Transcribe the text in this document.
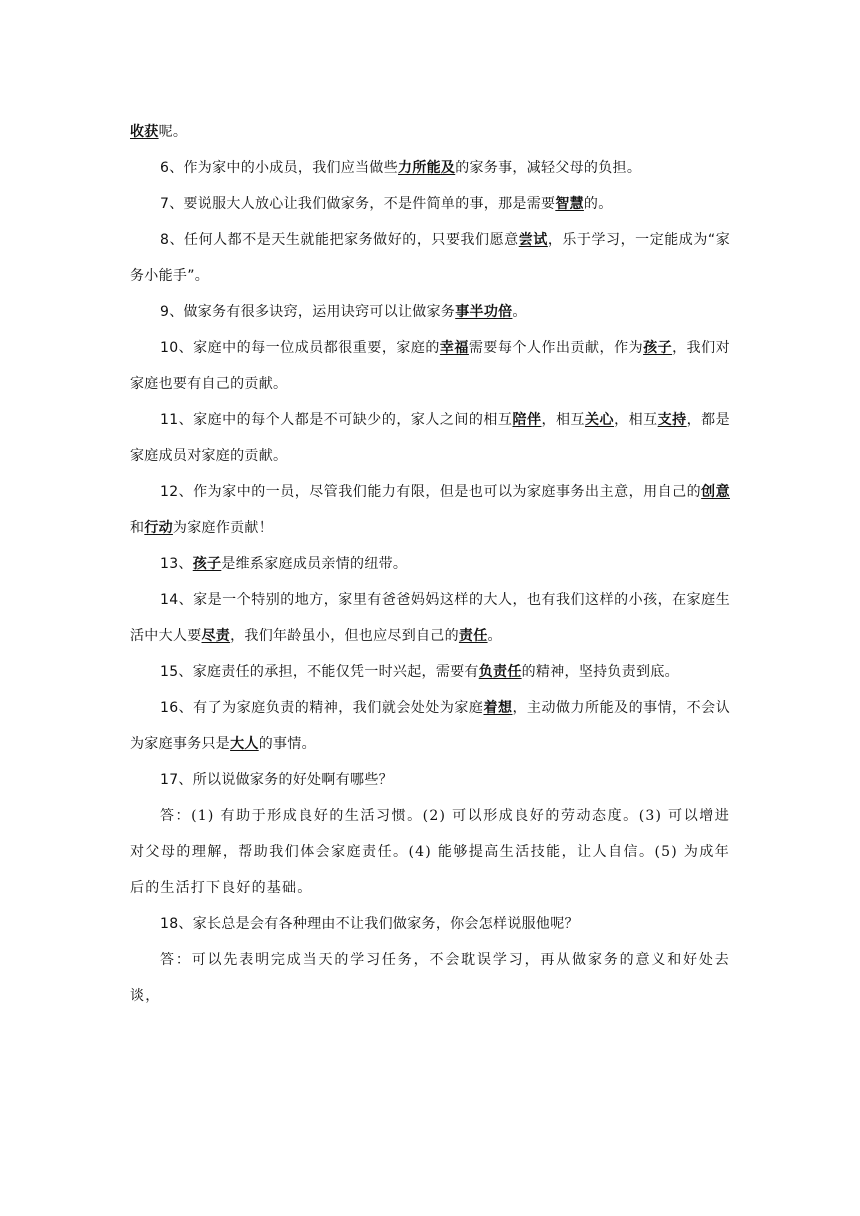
收获呢。

6、作为家中的小成员，我们应当做些力所能及的家务事，减轻父母的负担。

7、要说服大人放心让我们做家务，不是件简单的事，那是需要智慧的。

8、任何人都不是天生就能把家务做好的，只要我们愿意尝试，乐于学习，一定能成为“家务小能手”。

9、做家务有很多诀窍，运用诀窍可以让做家务事半功倍。

10、家庭中的每一位成员都很重要，家庭的幸福需要每个人作出贡献，作为孩子，我们对家庭也要有自己的贡献。

11、家庭中的每个人都是不可缺少的，家人之间的相互陪伴，相互关心，相互支持，都是家庭成员对家庭的贡献。

12、作为家中的一员，尽管我们能力有限，但是也可以为家庭事务出主意，用自己的创意和行动为家庭作贡献！

13、孩子是维系家庭成员亲情的纽带。

14、家是一个特别的地方，家里有爸爸妈妈这样的大人，也有我们这样的小孩，在家庭生活中大人要尽责，我们年龄虽小，但也应尽到自己的责任。

15、家庭责任的承担，不能仅凭一时兴起，需要有负责任的精神，坚持负责到底。

16、有了为家庭负责的精神，我们就会处处为家庭着想，主动做力所能及的事情，不会认为家庭事务只是大人的事情。

17、所以说做家务的好处啊有哪些？

答：(1) 有助于形成良好的生活习惯。(2) 可以形成良好的劳动态度。(3) 可以增进对父母的理解，帮助我们体会家庭责任。(4) 能够提高生活技能，让人自信。(5) 为成年后的生活打下良好的基础。

18、家长总是会有各种理由不让我们做家务，你会怎样说服他呢？

答：可以先表明完成当天的学习任务，不会耽误学习，再从做家务的意义和好处去谈，
